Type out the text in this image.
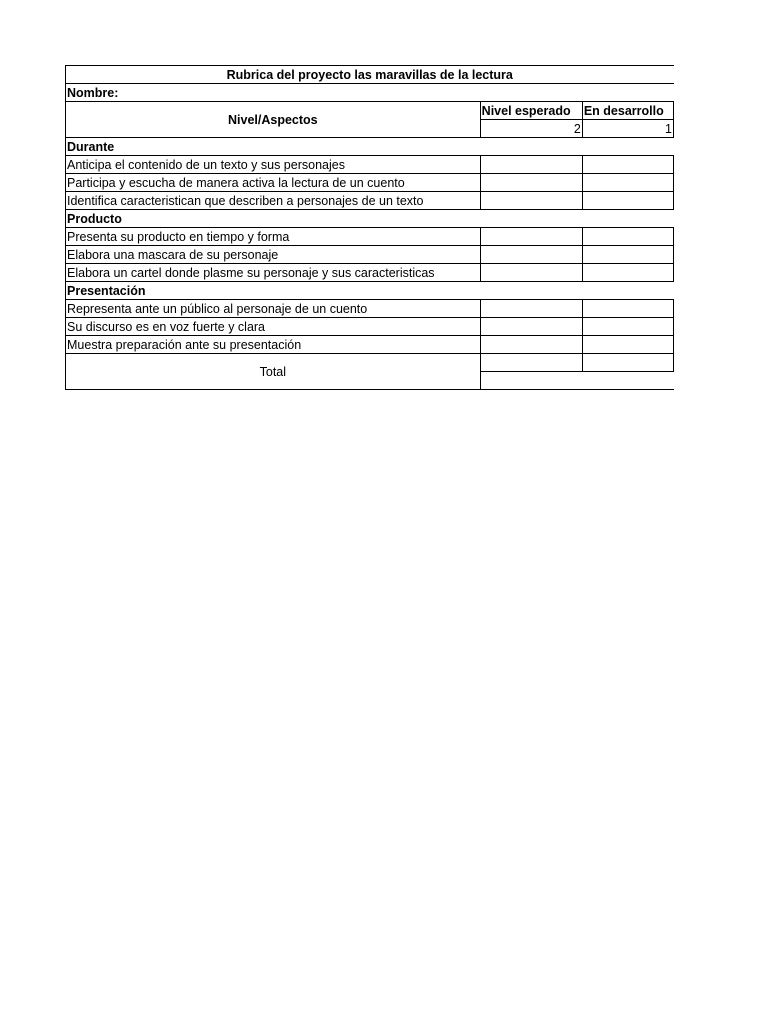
Rubrica del proyecto las maravillas de la lectura		
Nombre:		
Nivel/Aspectos	Nivel esperado	En desarrollo
	2	1
Durante		
Anticipa el contenido de un texto y sus personajes		
Participa y escucha de manera activa la lectura de un cuento		
Identifica caracteristican que describen a personajes de un texto		
Producto		
Presenta su producto en tiempo y forma		
Elabora una mascara de su personaje		
Elabora un cartel donde plasme su personaje y sus caracteristicas		
Presentación		
Representa ante un público al personaje de un cuento		
Su discurso es en voz fuerte y clara		
Muestra preparación ante su presentación		
Total		
